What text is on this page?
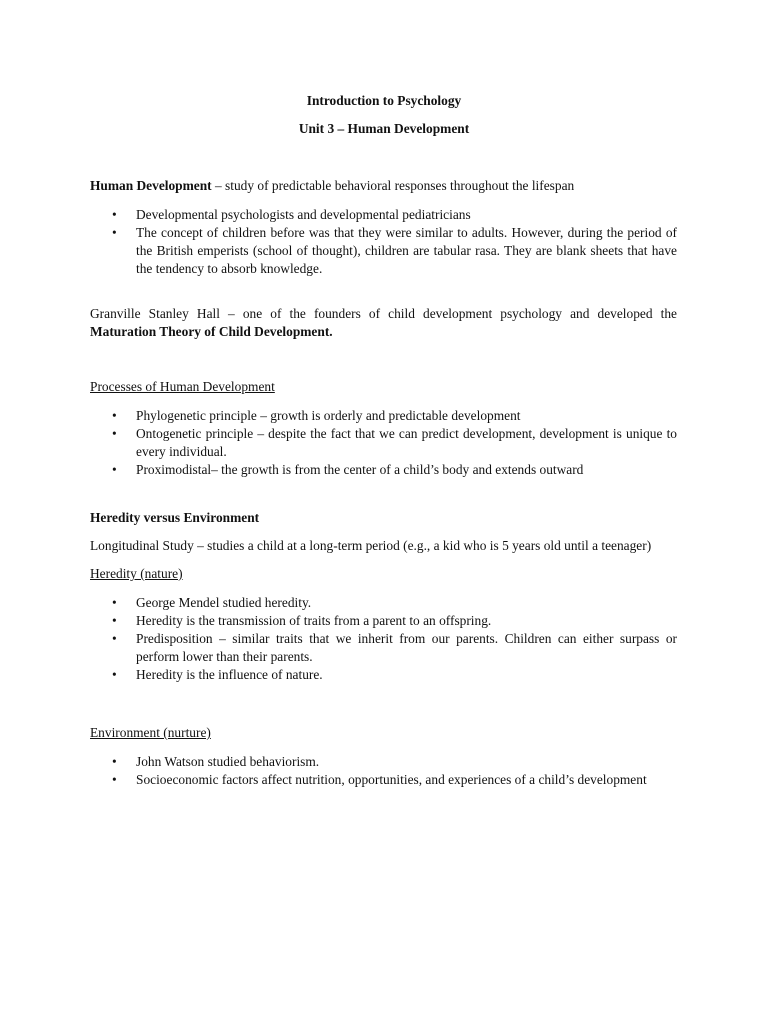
Introduction to Psychology
Unit 3 – Human Development
Human Development – study of predictable behavioral responses throughout the lifespan
• Developmental psychologists and developmental pediatricians
• The concept of children before was that they were similar to adults. However, during the period of the British emperists (school of thought), children are tabular rasa. They are blank sheets that have the tendency to absorb knowledge.
Granville Stanley Hall – one of the founders of child development psychology and developed the Maturation Theory of Child Development.
Processes of Human Development
• Phylogenetic principle – growth is orderly and predictable development
• Ontogenetic principle – despite the fact that we can predict development, development is unique to every individual.
• Proximodistal– the growth is from the center of a child’s body and extends outward
Heredity versus Environment
Longitudinal Study – studies a child at a long-term period (e.g., a kid who is 5 years old until a teenager)
Heredity (nature)
• George Mendel studied heredity.
• Heredity is the transmission of traits from a parent to an offspring.
• Predisposition – similar traits that we inherit from our parents. Children can either surpass or perform lower than their parents.
• Heredity is the influence of nature.
Environment (nurture)
• John Watson studied behaviorism.
• Socioeconomic factors affect nutrition, opportunities, and experiences of a child’s development
